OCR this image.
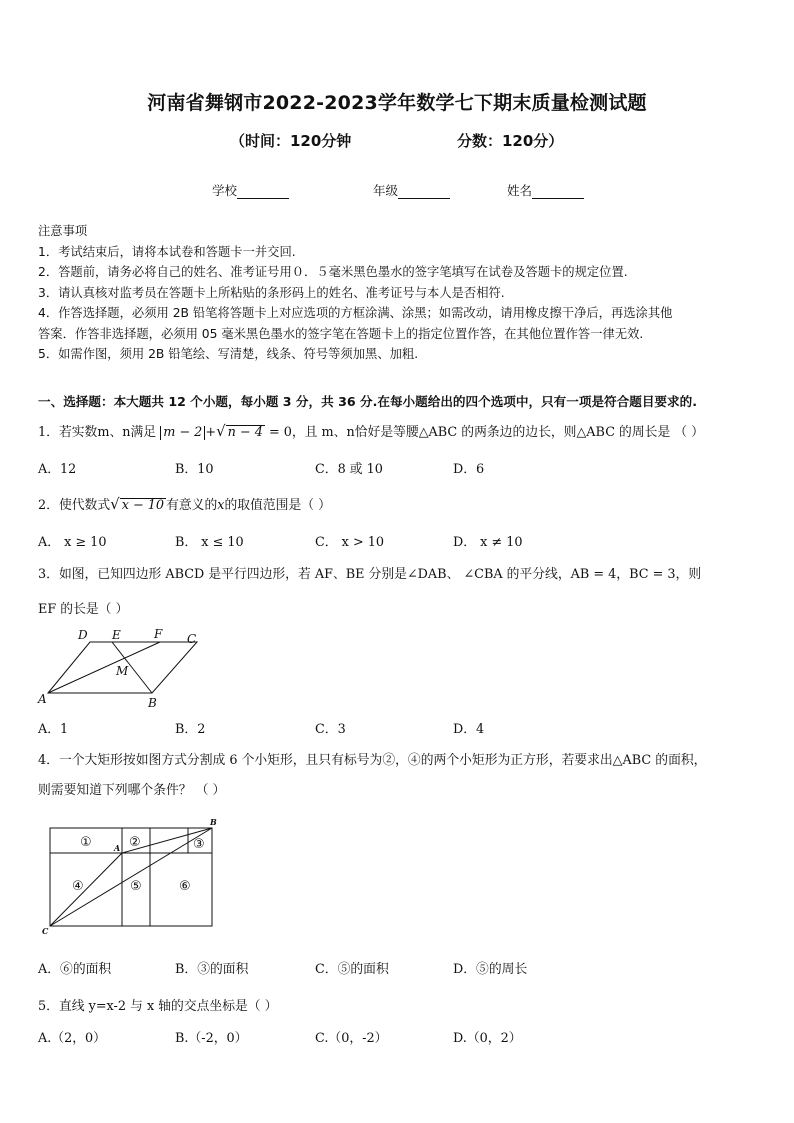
河南省舞钢市2022-2023学年数学七下期末质量检测试题
（时间：120分钟	分数：120分）
学校	年级	姓名
注意事项
1．考试结束后，请将本试卷和答题卡一并交回.
2．答题前，请务必将自己的姓名、准考证号用０．５毫米黑色墨水的签字笔填写在试卷及答题卡的规定位置.
3．请认真核对监考员在答题卡上所粘贴的条形码上的姓名、准考证号与本人是否相符.
4．作答选择题，必须用 2B 铅笔将答题卡上对应选项的方框涂满、涂黑；如需改动，请用橡皮擦干净后，再选涂其他
答案．作答非选择题，必须用 05 毫米黑色墨水的签字笔在答题卡上的指定位置作答，在其他位置作答一律无效.
5．如需作图，须用 2B 铅笔绘、写清楚，线条、符号等须加黑、加粗.
一、选择题：本大题共 12 个小题，每小题 3 分，共 36 分.在每小题给出的四个选项中，只有一项是符合题目要求的.
1．若实数m、n满足 m − 2 +√ n − 4 = 0，且 m、n恰好是等腰△ABC 的两条边的边长，则△ABC 的周长是 （ ）
A．12	B．10	C．8 或 10	D．6
2．使代数式√ x − 10 有意义的x的取值范围是（ ）
A． x ≥ 10	B． x ≤ 10	C． x > 10	D． x ≠ 10
3．如图，已知四边形 ABCD 是平行四边形，若 AF、BE 分别是∠DAB、 ∠CBA 的平分线，AB = 4，BC = 3，则
EF 的长是（ ）
A	B
C
D E	F
M
A．1	B．2	C．3	D．4
4．一个大矩形按如图方式分割成 6 个小矩形，且只有标号为②，④的两个小矩形为正方形，若要求出△ABC 的面积，
则需要知道下列哪个条件？ （ ）
①	②	③
④	⑤	⑥
A
B
C
A．⑥的面积	B．③的面积	C．⑤的面积	D．⑤的周长
5．直线 y=x-2 与 x 轴的交点坐标是（ ）
A.（2，0）	B.（-2，0）	C.（0，-2）	D.（0，2）
